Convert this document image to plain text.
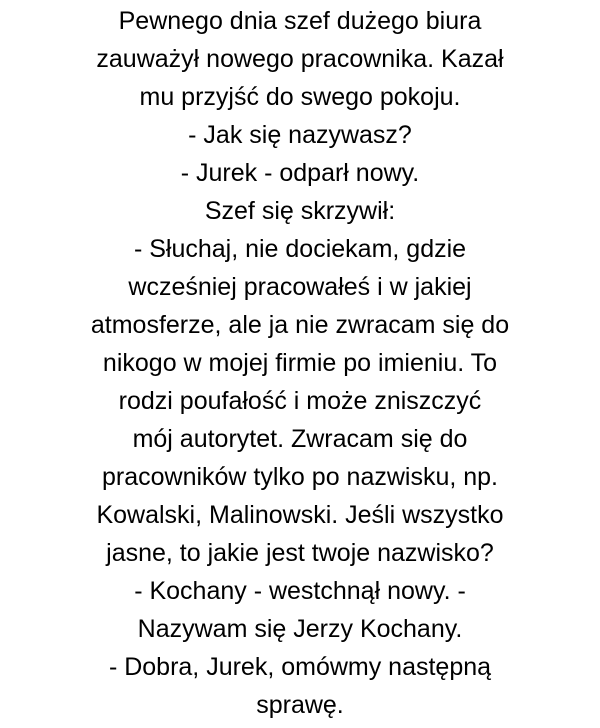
Pewnego dnia szef dużego biura
zauważył nowego pracownika. Kazał
mu przyjść do swego pokoju.
- Jak się nazywasz?
- Jurek - odparł nowy.
Szef się skrzywił:
- Słuchaj, nie dociekam, gdzie
wcześniej pracowałeś i w jakiej
atmosferze, ale ja nie zwracam się do
nikogo w mojej firmie po imieniu. To
rodzi poufałość i może zniszczyć
mój autorytet. Zwracam się do
pracowników tylko po nazwisku, np.
Kowalski, Malinowski. Jeśli wszystko
jasne, to jakie jest twoje nazwisko?
- Kochany - westchnął nowy. -
Nazywam się Jerzy Kochany.
- Dobra, Jurek, omówmy następną
sprawę.
